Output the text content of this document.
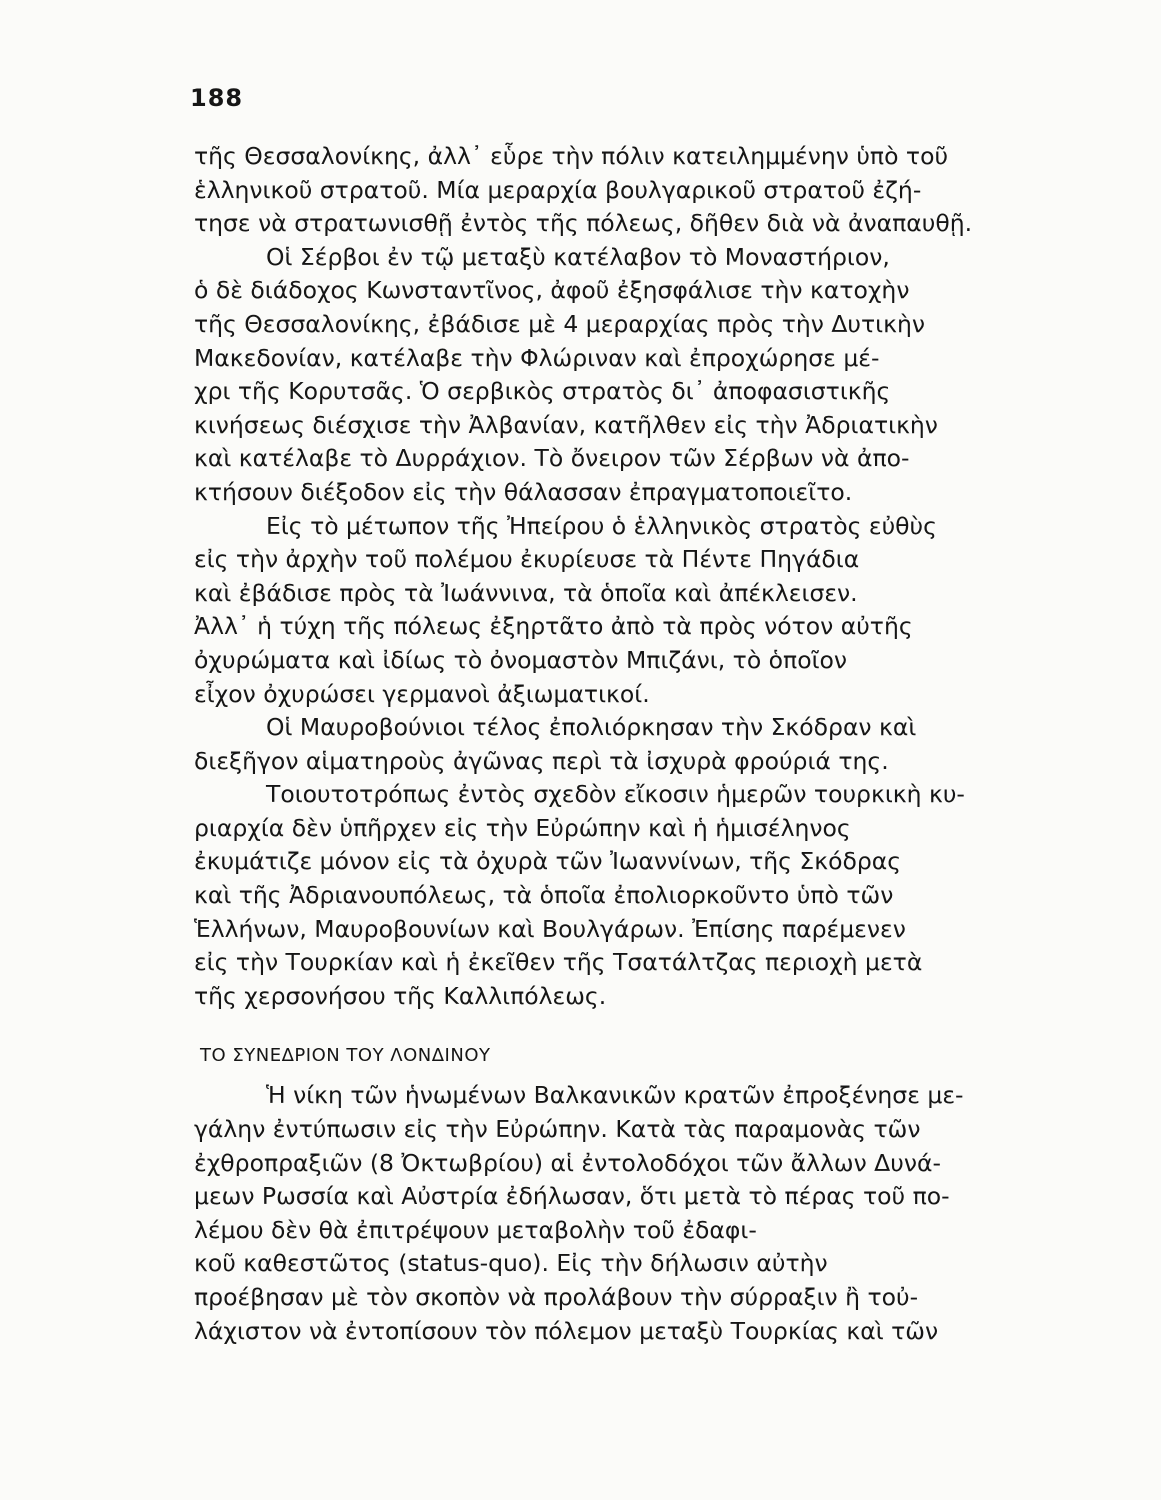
188
τῆς Θεσσαλονίκης, ἀλλ᾽ εὗρε τὴν πόλιν κατειλημμένην ὑπὸ τοῦ
ἑλληνικοῦ στρατοῦ. Μία μεραρχία βουλγαρικοῦ στρατοῦ ἐζή-
τησε νὰ στρατωνισθῇ ἐντὸς τῆς πόλεως, δῆθεν διὰ νὰ ἀναπαυθῇ.
Οἱ Σέρβοι ἐν τῷ μεταξὺ κατέλαβον τὸ Μοναστήριον,
ὁ δὲ διάδοχος Κωνσταντῖνος, ἀφοῦ ἐξησφάλισε τὴν κατοχὴν
τῆς Θεσσαλονίκης, ἐβάδισε μὲ 4 μεραρχίας πρὸς τὴν Δυτικὴν
Μακεδονίαν, κατέλαβε τὴν Φλώριναν καὶ ἐπροχώρησε μέ-
χρι τῆς Κορυτσᾶς. Ὁ σερβικὸς στρατὸς δι᾽ ἀποφασιστικῆς
κινήσεως διέσχισε τὴν Ἀλβανίαν, κατῆλθεν εἰς τὴν Ἀδριατικὴν
καὶ κατέλαβε τὸ Δυρράχιον. Τὸ ὄνειρον τῶν Σέρβων νὰ ἀπο-
κτήσουν διέξοδον εἰς τὴν θάλασσαν ἐπραγματοποιεῖτο.
Εἰς τὸ μέτωπον τῆς Ἠπείρου ὁ ἑλληνικὸς στρατὸς εὐθὺς
εἰς τὴν ἀρχὴν τοῦ πολέμου ἐκυρίευσε τὰ Πέντε Πηγάδια
καὶ ἐβάδισε πρὸς τὰ Ἰωάννινα, τὰ ὁποῖα καὶ ἀπέκλεισεν.
Ἀλλ᾽ ἡ τύχη τῆς πόλεως ἐξηρτᾶτο ἀπὸ τὰ πρὸς νότον αὐτῆς
ὀχυρώματα καὶ ἰδίως τὸ ὀνομαστὸν Μπιζάνι, τὸ ὁποῖον
εἶχον ὀχυρώσει γερμανοὶ ἀξιωματικοί.
Οἱ Μαυροβούνιοι τέλος ἐπολιόρκησαν τὴν Σκόδραν καὶ
διεξῆγον αἱματηροὺς ἀγῶνας περὶ τὰ ἰσχυρὰ φρούριά της.
Τοιουτοτρόπως ἐντὸς σχεδὸν εἴκοσιν ἡμερῶν τουρκικὴ κυ-
ριαρχία δὲν ὑπῆρχεν εἰς τὴν Εὐρώπην καὶ ἡ ἡμισέληνος
ἐκυμάτιζε μόνον εἰς τὰ ὀχυρὰ τῶν Ἰωαννίνων, τῆς Σκόδρας
καὶ τῆς Ἀδριανουπόλεως, τὰ ὁποῖα ἐπολιορκοῦντο ὑπὸ τῶν
Ἑλλήνων, Μαυροβουνίων καὶ Βουλγάρων. Ἐπίσης παρέμενεν
εἰς τὴν Τουρκίαν καὶ ἡ ἐκεῖθεν τῆς Τσατάλτζας περιοχὴ μετὰ
τῆς χερσονήσου τῆς Καλλιπόλεως.
ΤΟ ΣΥΝΕΔΡΙΟΝ ΤΟΥ ΛΟΝΔΙΝΟΥ
Ἡ νίκη τῶν ἡνωμένων Βαλκανικῶν κρατῶν ἐπροξένησε με-
γάλην ἐντύπωσιν εἰς τὴν Εὐρώπην. Κατὰ τὰς παραμονὰς τῶν
ἐχθροπραξιῶν (8 Ὀκτωβρίου) αἱ ἐντολοδόχοι τῶν ἄλλων Δυνά-
μεων Ρωσσία καὶ Αὐστρία ἐδήλωσαν, ὅτι μετὰ τὸ πέρας τοῦ πο-
λέμου δὲν θὰ ἐπιτρέψουν μεταβολὴν τοῦ ἐδαφι-
κοῦ καθεστῶτος (status-quo). Εἰς τὴν δήλωσιν αὐτὴν
προέβησαν μὲ τὸν σκοπὸν νὰ προλάβουν τὴν σύρραξιν ἢ τοὐ-
λάχιστον νὰ ἐντοπίσουν τὸν πόλεμον μεταξὺ Τουρκίας καὶ τῶν
